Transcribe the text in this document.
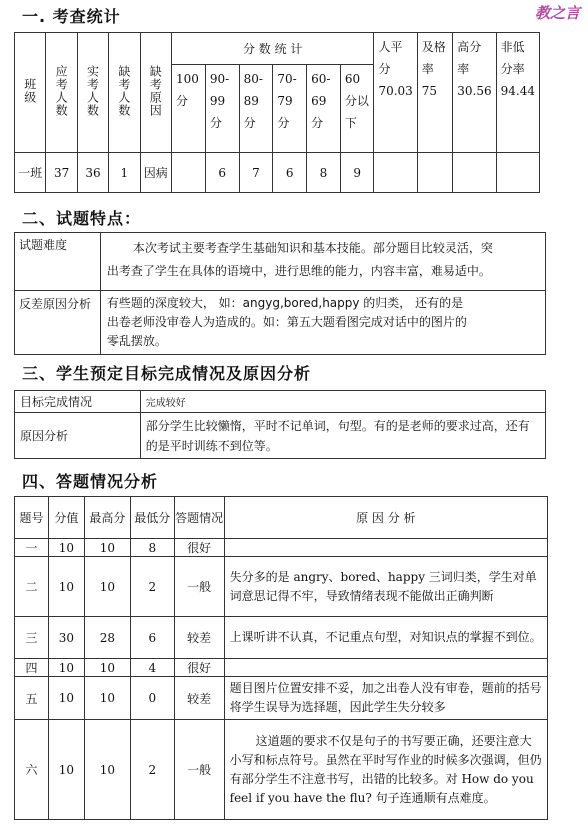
教之言
一. 考查统计
班级	应考人数	实考人数	缺考人数	缺考原因	分 数 统 计						人平分70.03	及格率75	高分率30.56	非低分率94.44
					100分	90-99分	80-89分	70-79分	60-69分	60分以下				
一班	37	36	1	因病		6	7	6	8	9				
二、试题特点：
试题难度	本次考试主要考查学生基础知识和基本技能。部分题目比较灵活，突
出考查了学生在具体的语境中，进行思维的能力，内容丰富，难易适中。

反差原因分析	有些题的深度较大， 如：angyg,bored,happy 的归类， 还有的是
出卷老师没审卷人为造成的。如：第五大题看图完成对话中的图片的
零乱摆放。
三、学生预定目标完成情况及原因分析
目标完成情况	完成较好
原因分析	部分学生比较懒惰，平时不记单词，句型。有的是老师的要求过高，还有的是平时训练不到位等。
四、答题情况分析
题号	分值	最高分	最低分	答题情况	原 因 分 析
一	10	10	8	很好	
二	10	10	2	一般	失分多的是 angry、bored、happy 三词归类，学生对单词意思记得不牢，导致情绪表现不能做出正确判断
三	30	28	6	较差	上课听讲不认真，不记重点句型，对知识点的掌握不到位。
四	10	10	4	很好	
五	10	10	0	较差	题目图片位置安排不妥，加之出卷人没有审卷，题前的括号将学生误导为选择题，因此学生失分较多
六	10	10	2	一般	这道题的要求不仅是句子的书写要正确，还要注意大小写和标点符号。虽然在平时写作业的时候多次强调，但仍有部分学生不注意书写，出错的比较多。对 How do you feel if you have the flu? 句子连通顺有点难度。
